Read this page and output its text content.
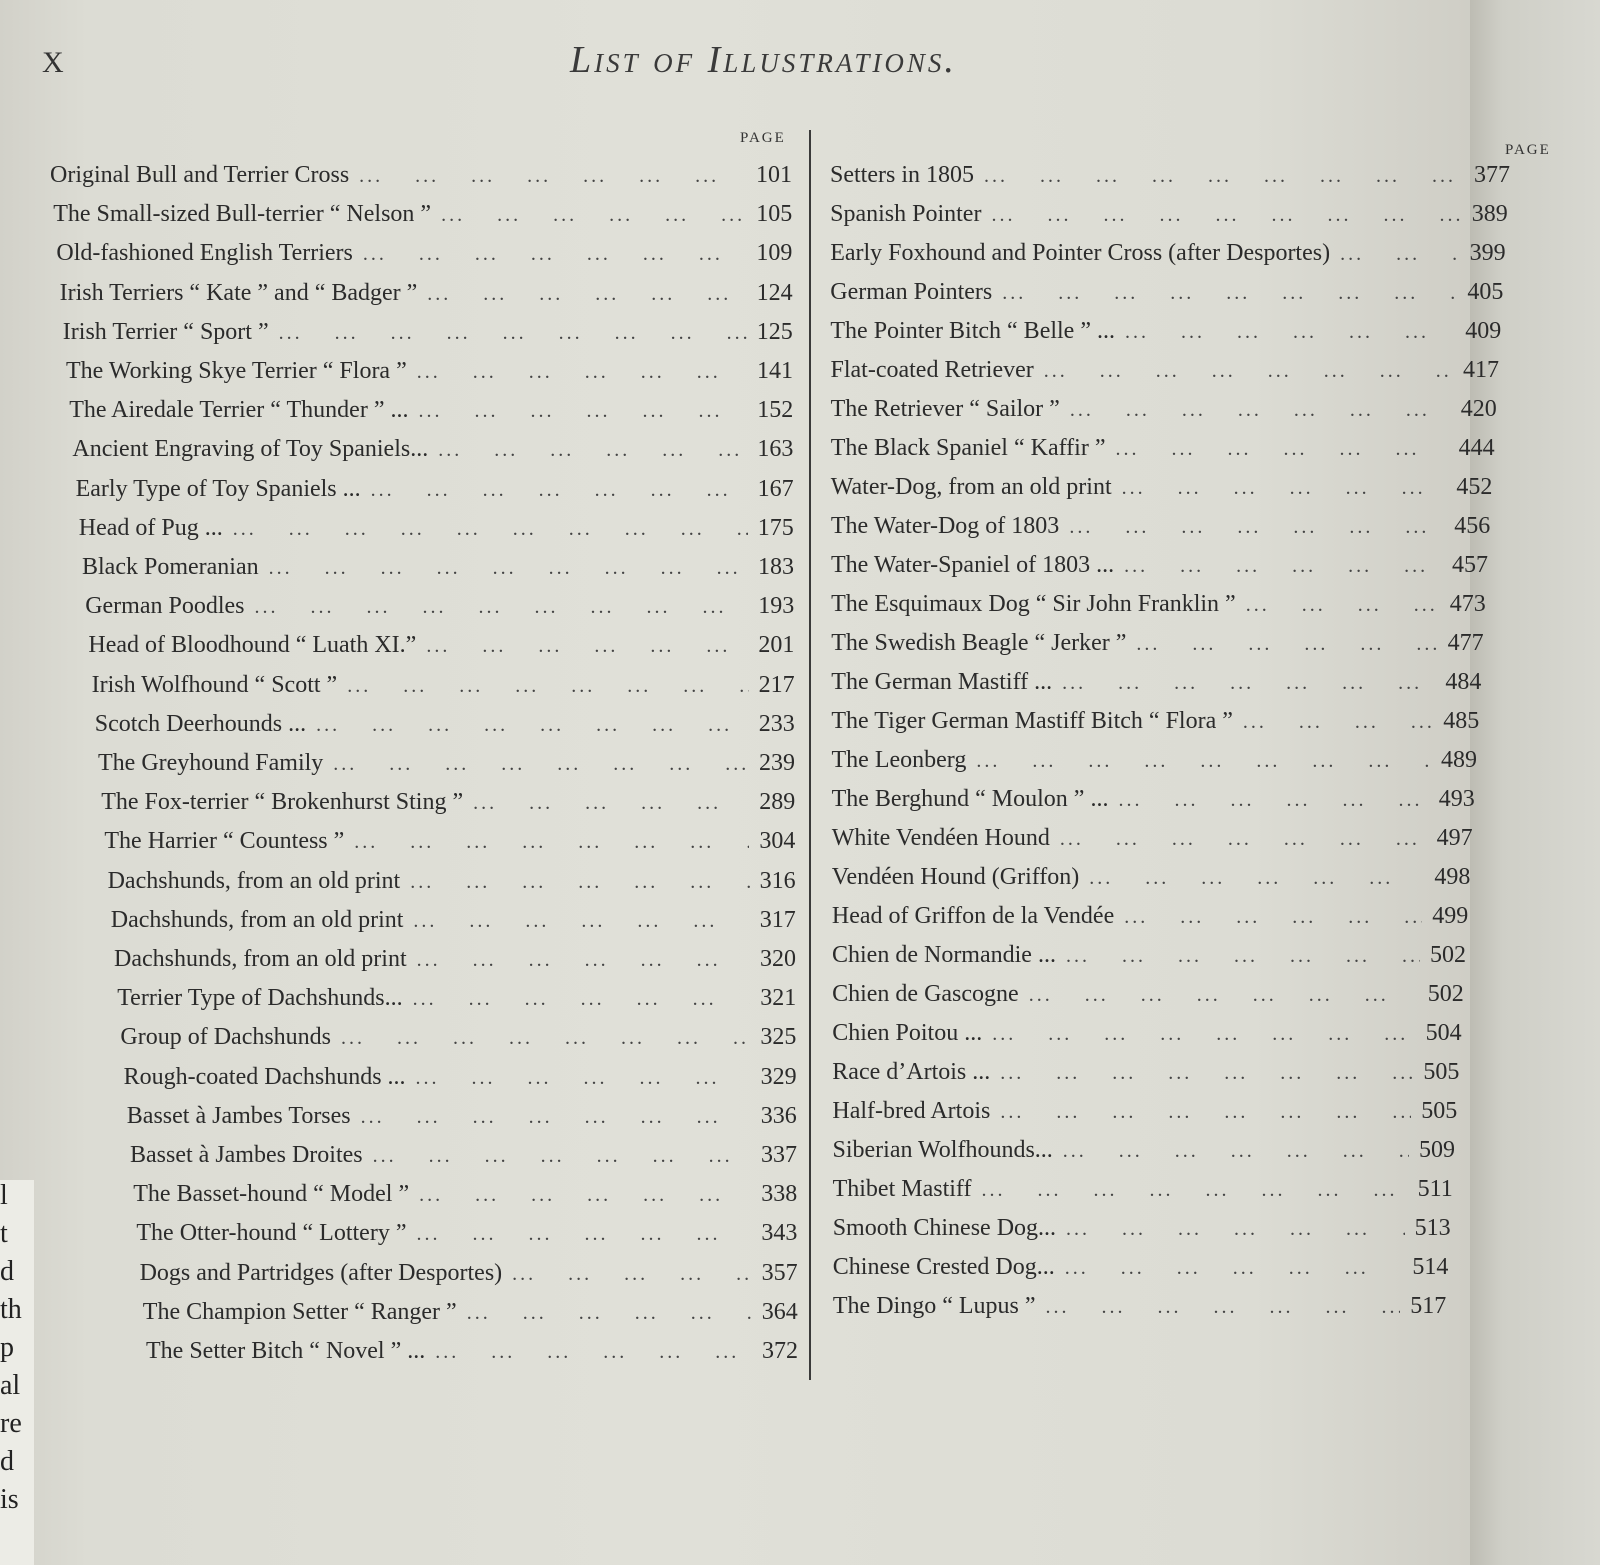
l
t
d
th
p
al
re
d
is
X	List of Illustrations.
PAGE
PAGE
Original Bull and Terrier Cross ...	101
The Small-sized Bull-terrier “ Nelson ” ...	105
Old-fashioned English Terriers ...	109
Irish Terriers “ Kate ” and “ Badger ” ...	124
Irish Terrier “ Sport ” ...	125
The Working Skye Terrier “ Flora ” ...	141
The Airedale Terrier “ Thunder ” ... ...	152
Ancient Engraving of Toy Spaniels... ...	163
Early Type of Toy Spaniels ... ...	167
Head of Pug ... ...	175
Black Pomeranian ...	183
German Poodles ...	193
Head of Bloodhound “ Luath XI.” ...	201
Irish Wolfhound “ Scott ” ...	217
Scotch Deerhounds ... ...	233
The Greyhound Family ...	239
The Fox-terrier “ Brokenhurst Sting ” ...	289
The Harrier “ Countess ” ...	304
Dachshunds, from an old print ...	316
Dachshunds, from an old print ...	317
Dachshunds, from an old print ...	320
Terrier Type of Dachshunds... ...	321
Group of Dachshunds ...	325
Rough-coated Dachshunds ... ...	329
Basset à Jambes Torses ...	336
Basset à Jambes Droites ...	337
The Basset-hound “ Model ” ...	338
The Otter-hound “ Lottery ” ...	343
Dogs and Partridges (after Desportes) ...	357
The Champion Setter “ Ranger ” ...	364
The Setter Bitch “ Novel ” ... ...	372
Setters in 1805 ...	377
Spanish Pointer ...	389
Early Foxhound and Pointer Cross (after Desportes) ...	399
German Pointers ...	405
The Pointer Bitch “ Belle ” ... ...	409
Flat-coated Retriever ...	417
The Retriever “ Sailor ” ...	420
The Black Spaniel “ Kaffir ” ...	444
Water-Dog, from an old print ...	452
The Water-Dog of 1803 ...	456
The Water-Spaniel of 1803 ... ...	457
The Esquimaux Dog “ Sir John Franklin ” ...	473
The Swedish Beagle “ Jerker ” ...	477
The German Mastiff ... ...	484
The Tiger German Mastiff Bitch “ Flora ” ...	485
The Leonberg ...	489
The Berghund “ Moulon ” ... ...	493
White Vendéen Hound ...	497
Vendéen Hound (Griffon) ...	498
Head of Griffon de la Vendée ...	499
Chien de Normandie ... ...	502
Chien de Gascogne ...	502
Chien Poitou ... ...	504
Race d’Artois ... ...	505
Half-bred Artois ...	505
Siberian Wolfhounds... ...	509
Thibet Mastiff ...	511
Smooth Chinese Dog... ...	513
Chinese Crested Dog... ...	514
The Dingo “ Lupus ” ...	517
